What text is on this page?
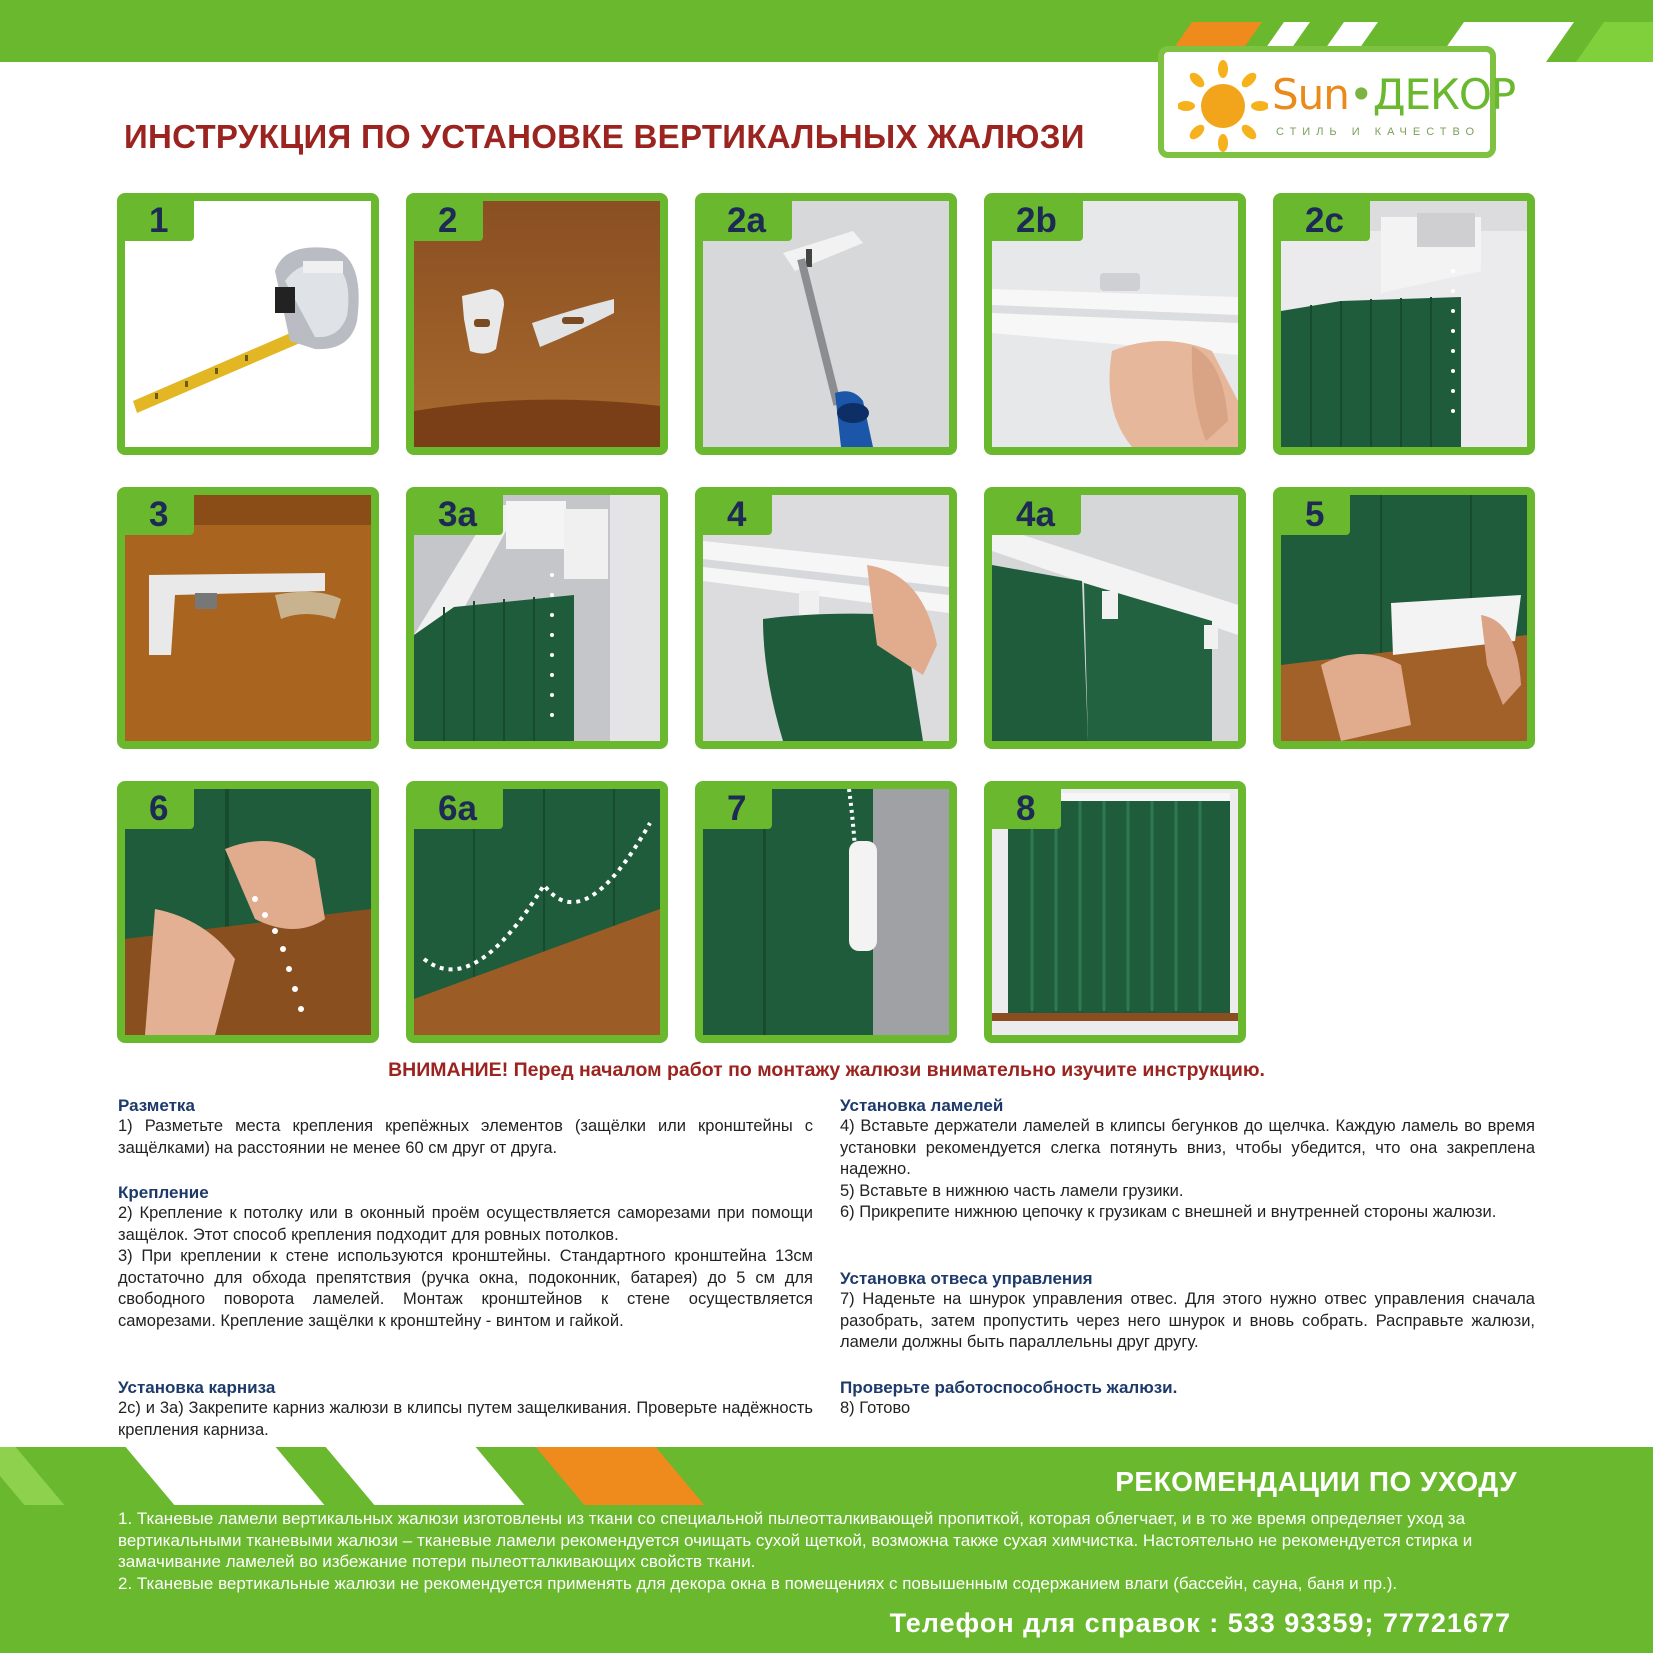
Sun•ДЕКОР
СТИЛЬ И КАЧЕСТВО
ИНСТРУКЦИЯ ПО УСТАНОВКЕ ВЕРТИКАЛЬНЫХ ЖАЛЮЗИ
1	2	2a	2b	2c
3	3a	4	4a	5
6	6a	7	8
ВНИМАНИЕ! Перед началом работ по монтажу жалюзи внимательно изучите инструкцию.
Разметка

1) Разметьте места крепления крепёжных элементов (защёлки или кронштейны с защёлками) на расстоянии не менее 60 см друг от друга.

Крепление

2) Крепление к потолку или в оконный проём осуществляется саморезами при помощи защёлок. Этот способ крепления подходит для ровных потолков.
3) При креплении к стене используются кронштейны. Стандартного кронштейна 13см достаточно для обхода препятствия (ручка окна, подоконник, батарея) до 5 см для свободного поворота ламелей. Монтаж кронштейнов к стене осуществляется саморезами. Крепление защёлки к кронштейну - винтом и гайкой.

Установка карниза

2c) и 3a) Закрепите карниз жалюзи в клипсы путем защелкивания. Проверьте надёжность крепления карниза.

Установка ламелей

4) Вставьте держатели ламелей в клипсы бегунков до щелчка. Каждую ламель во время установки рекомендуется слегка потянуть вниз, чтобы убедится, что она закреплена надежно.
5) Вставьте в нижнюю часть ламели грузики.
6) Прикрепите нижнюю цепочку к грузикам с внешней и внутренней стороны жалюзи.

Установка отвеса управления

7) Наденьте на шнурок управления отвес. Для этого нужно отвес управления сначала разобрать, затем пропустить через него шнурок и вновь собрать. Расправьте жалюзи, ламели должны быть параллельны друг другу.

Проверьте работоспособность жалюзи.

8) Готово

РЕКОМЕНДАЦИИ ПО УХОДУ
1. Тканевые ламели вертикальных жалюзи изготовлены из ткани со специальной пылеотталкивающей пропиткой, которая облегчает, и в то же время определяет уход за вертикальными тканевыми жалюзи – тканевые ламели рекомендуется очищать сухой щеткой, возможна также сухая химчистка. Настоятельно не рекомендуется стирка и замачивание ламелей во избежание потери пылеотталкивающих свойств ткани.
2. Тканевые вертикальные жалюзи не рекомендуется применять для декора окна в помещениях с повышенным содержанием влаги (бассейн, сауна, баня и пр.).
Телефон для справок : 533 93359; 77721677
